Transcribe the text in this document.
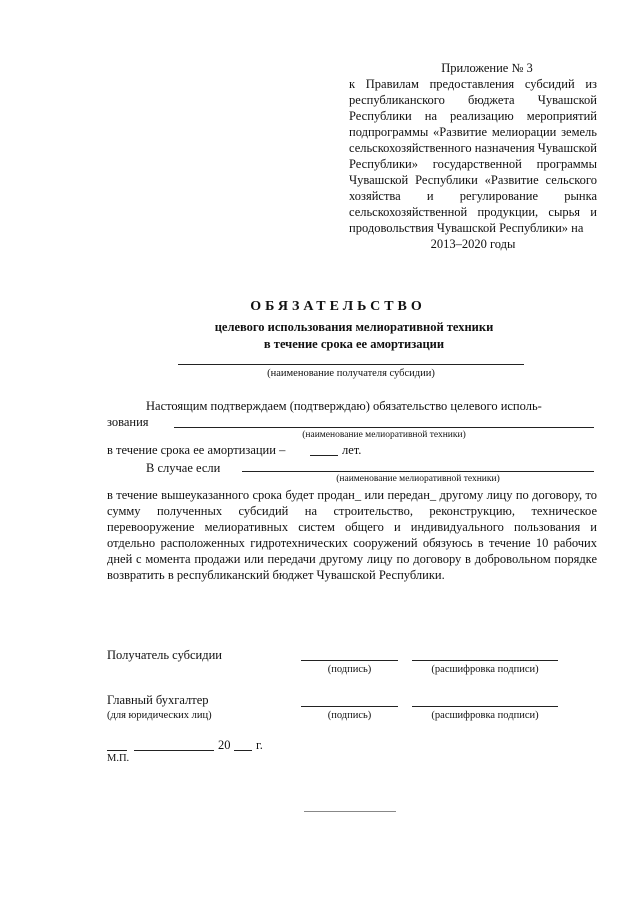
Приложение № 3
к Правилам предоставления субсидий из республиканского бюджета Чувашской Республики на реализацию мероприятий подпрограммы «Развитие мелиорации земель сельскохозяйственного назначения Чувашской Республики» государственной программы Чувашской Республики «Развитие сельского хозяйства и регулирование рынка сельскохозяйственной продукции, сырья и продовольствия Чувашской Республики» на
2013–2020 годы
ОБЯЗАТЕЛЬСТВО
целевого использования мелиоративной техники
в течение срока ее амортизации
(наименование получателя субсидии)
Настоящим подтверждаем (подтверждаю) обязательство целевого исполь-
зования
(наименование мелиоративной техники)
в течение срока ее амортизации –	лет.
В случае если
(наименование мелиоративной техники)
в течение вышеуказанного срока будет продан_ или передан_ другому лицу по договору, то сумму полученных субсидий на строительство, реконструкцию, техническое перевооружение мелиоративных систем общего и индивидуального пользования и отдельно расположенных гидротехнических сооружений обязуюсь в течение 10 рабочих дней с момента продажи или передачи другому лицу по договору в добровольном порядке возвратить в республиканский бюджет Чувашской Республики.
Получатель субсидии
(подпись)	(расшифровка подписи)
Главный бухгалтер
(для юридических лиц)	(подпись)	(расшифровка подписи)
20 г.
М.П.
